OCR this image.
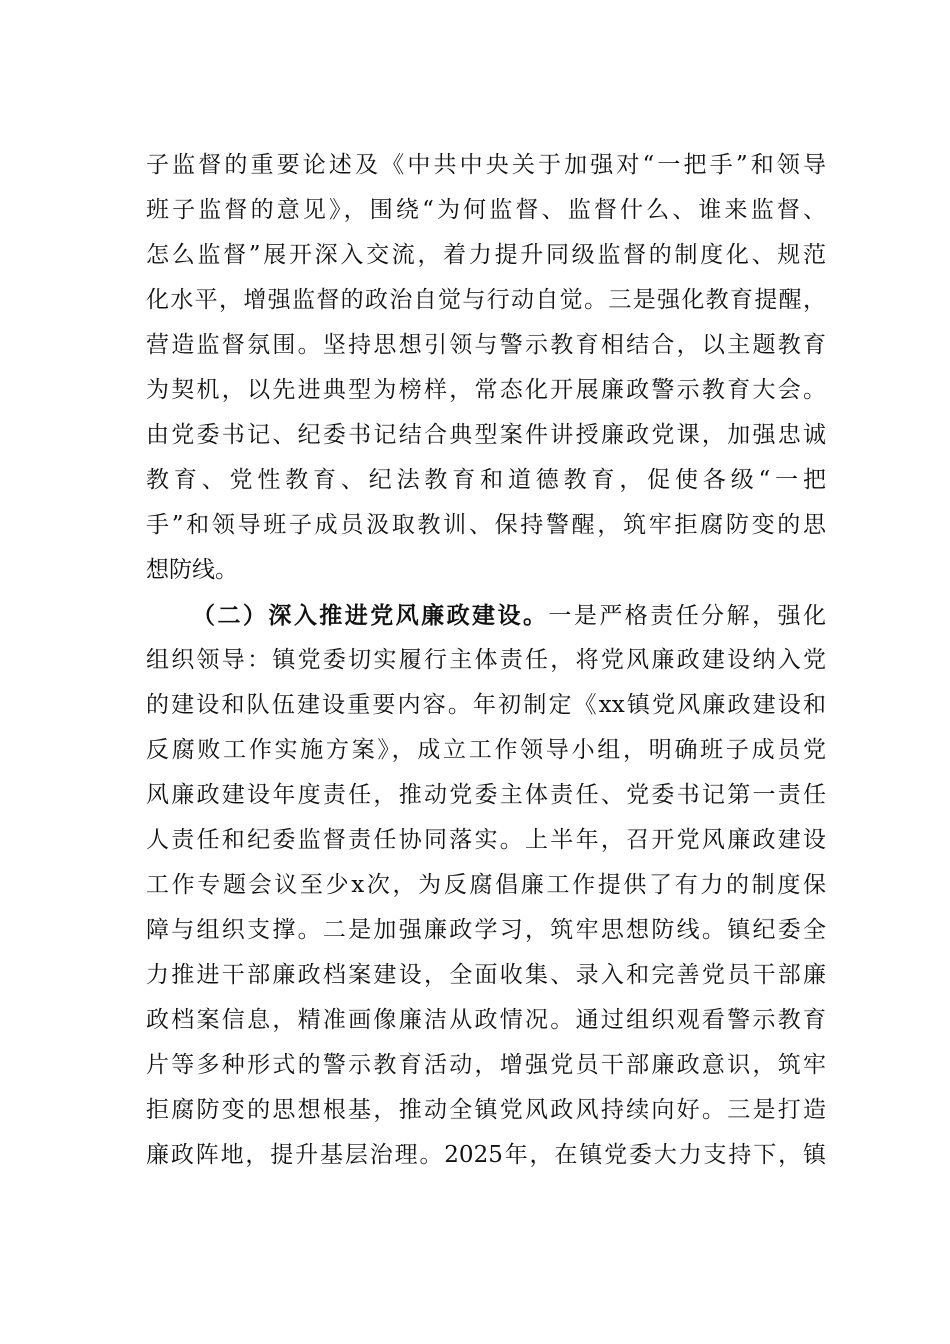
子监督的重要论述及《中共中央关于加强对“一把手”和领导
班子监督的意见》，围绕“为何监督、监督什么、谁来监督、
怎么监督”展开深入交流，着力提升同级监督的制度化、规范
化水平，增强监督的政治自觉与行动自觉。三是强化教育提醒，
营造监督氛围。坚持思想引领与警示教育相结合，以主题教育
为契机，以先进典型为榜样，常态化开展廉政警示教育大会。
由党委书记、纪委书记结合典型案件讲授廉政党课，加强忠诚
教育、党性教育、纪法教育和道德教育，促使各级“一把
手”和领导班子成员汲取教训、保持警醒，筑牢拒腐防变的思
想防线。
（二）深入推进党风廉政建设。一是严格责任分解，强化
组织领导：镇党委切实履行主体责任，将党风廉政建设纳入党
的建设和队伍建设重要内容。年初制定《xx镇党风廉政建设和
反腐败工作实施方案》，成立工作领导小组，明确班子成员党
风廉政建设年度责任，推动党委主体责任、党委书记第一责任
人责任和纪委监督责任协同落实。上半年，召开党风廉政建设
工作专题会议至少x次，为反腐倡廉工作提供了有力的制度保
障与组织支撑。二是加强廉政学习，筑牢思想防线。镇纪委全
力推进干部廉政档案建设，全面收集、录入和完善党员干部廉
政档案信息，精准画像廉洁从政情况。通过组织观看警示教育
片等多种形式的警示教育活动，增强党员干部廉政意识，筑牢
拒腐防变的思想根基，推动全镇党风政风持续向好。三是打造
廉政阵地，提升基层治理。2025年，在镇党委大力支持下，镇
